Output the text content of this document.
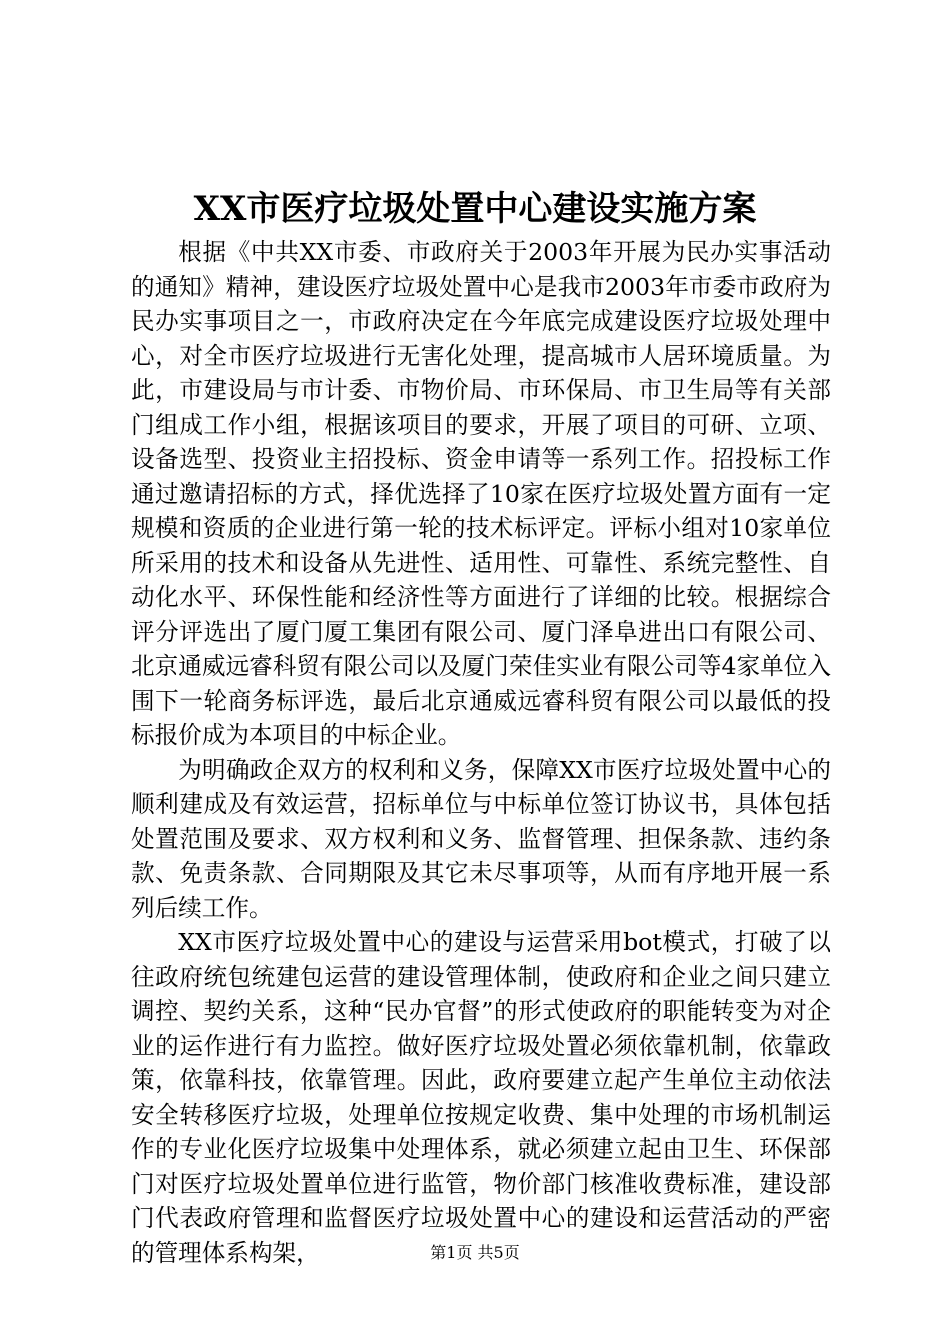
XX市医疗垃圾处置中心建设实施方案

根据《中共XX市委、市政府关于2003年开展为民办实事活动的通知》精神，建设医疗垃圾处置中心是我市2003年市委市政府为民办实事项目之一，市政府决定在今年底完成建设医疗垃圾处理中心，对全市医疗垃圾进行无害化处理，提高城市人居环境质量。为此，市建设局与市计委、市物价局、市环保局、市卫生局等有关部门组成工作小组，根据该项目的要求，开展了项目的可研、立项、设备选型、投资业主招投标、资金申请等一系列工作。招投标工作通过邀请招标的方式，择优选择了10家在医疗垃圾处置方面有一定规模和资质的企业进行第一轮的技术标评定。评标小组对10家单位所采用的技术和设备从先进性、适用性、可靠性、系统完整性、自动化水平、环保性能和经济性等方面进行了详细的比较。根据综合评分评选出了厦门厦工集团有限公司、厦门泽阜进出口有限公司、北京通威远睿科贸有限公司以及厦门荣佳实业有限公司等4家单位入围下一轮商务标评选，最后北京通威远睿科贸有限公司以最低的投标报价成为本项目的中标企业。

为明确政企双方的权利和义务，保障XX市医疗垃圾处置中心的顺利建成及有效运营，招标单位与中标单位签订协议书，具体包括处置范围及要求、双方权利和义务、监督管理、担保条款、违约条款、免责条款、合同期限及其它未尽事项等，从而有序地开展一系列后续工作。

XX市医疗垃圾处置中心的建设与运营采用bot模式，打破了以往政府统包统建包运营的建设管理体制，使政府和企业之间只建立调控、契约关系，这种“民办官督”的形式使政府的职能转变为对企业的运作进行有力监控。做好医疗垃圾处置必须依靠机制，依靠政策，依靠科技，依靠管理。因此，政府要建立起产生单位主动依法安全转移医疗垃圾，处理单位按规定收费、集中处理的市场机制运作的专业化医疗垃圾集中处理体系，就必须建立起由卫生、环保部门对医疗垃圾处置单位进行监管，物价部门核准收费标准，建设部门代表政府管理和监督医疗垃圾处置中心的建设和运营活动的严密的管理体系构架，	第1页 共5页
